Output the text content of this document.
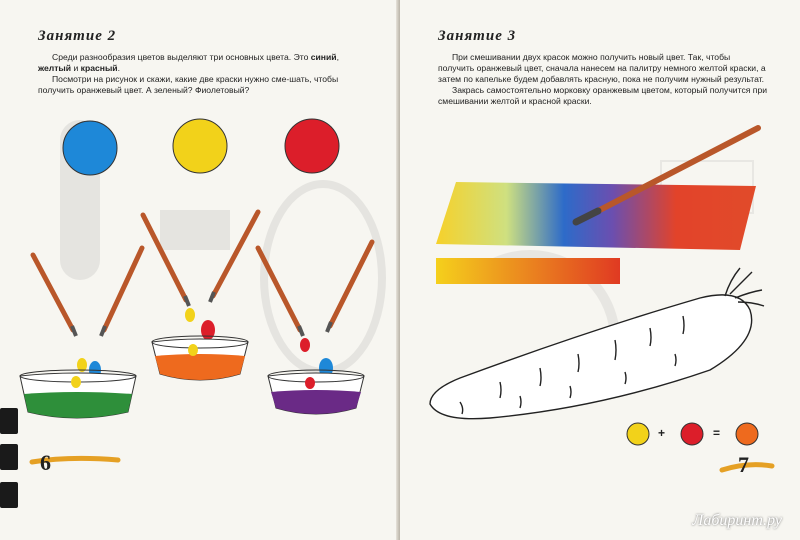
Занятие 2

Среди разнообразия цветов выделяют три основных цвета. Это синий, желтый и красный.

Посмотри на рисунок и скажи, какие две краски нужно сме-шать, чтобы получить оранжевый цвет. А зеленый? Фиолетовый?

6
Занятие 3

При смешивании двух красок можно получить новый цвет. Так, чтобы получить оранжевый цвет, сначала нанесем на палитру немного желтой краски, а затем по капельке будем добавлять красную, пока не получим нужный результат.

Закрась самостоятельно морковку оранжевым цветом, который получится при смешивании желтой и красной краски.

+	=
7
Лабиринт.ру
